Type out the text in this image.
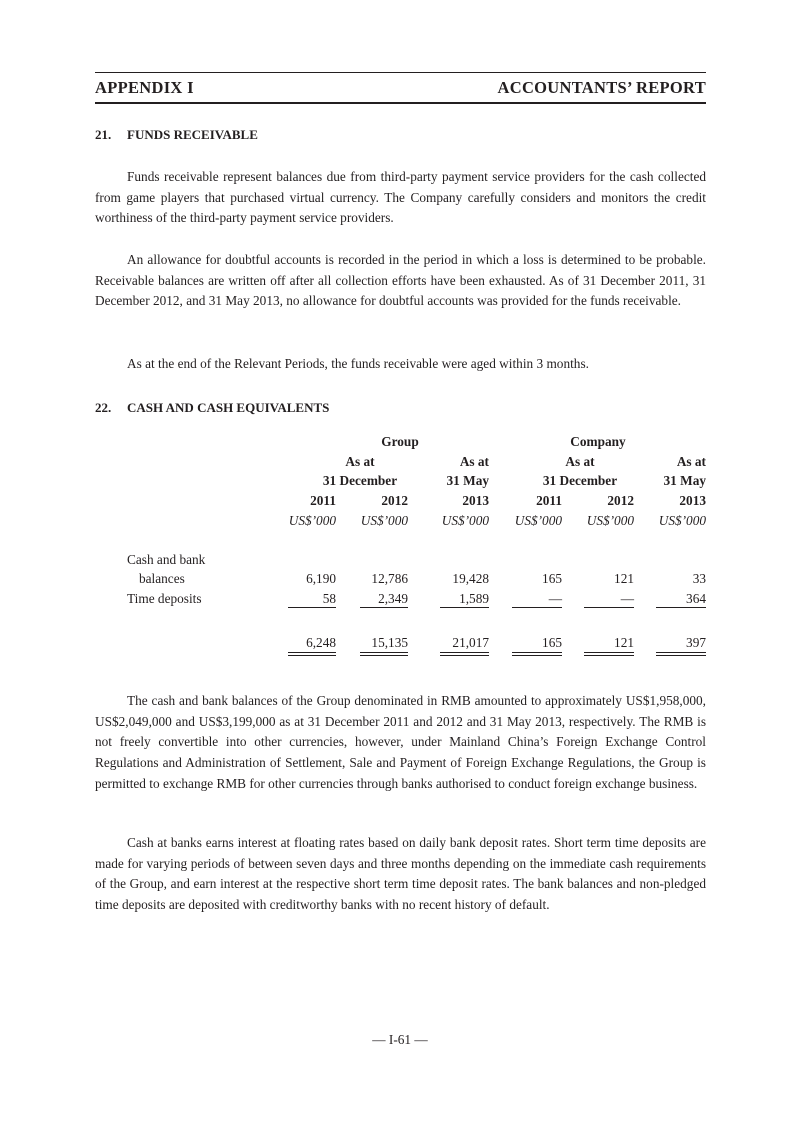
APPENDIX I	ACCOUNTANTS’ REPORT
21. FUNDS RECEIVABLE

Funds receivable represent balances due from third-party payment service providers for the cash collected from game players that purchased virtual currency. The Company carefully considers and monitors the credit worthiness of the third-party payment service providers.

An allowance for doubtful accounts is recorded in the period in which a loss is determined to be probable. Receivable balances are written off after all collection efforts have been exhausted. As of 31 December 2011, 31 December 2012, and 31 May 2013, no allowance for doubtful accounts was provided for the funds receivable.

As at the end of the Relevant Periods, the funds receivable were aged within 3 months.

22. CASH AND CASH EQUIVALENTS
Group	Company
As at	As at	As at	As at
31 December	31 May	31 December	31 May
2011	2012	2013	2011	2012	2013
US$’000	US$’000	US$’000	US$’000	US$’000	US$’000
Cash and bank
balances	6,190	12,786	19,428	165	121	33
Time deposits	58	2,349	1,589	—	—	364
6,248	15,135	21,017	165	121	397

The cash and bank balances of the Group denominated in RMB amounted to approximately US$1,958,000, US$2,049,000 and US$3,199,000 as at 31 December 2011 and 2012 and 31 May 2013, respectively. The RMB is not freely convertible into other currencies, however, under Mainland China’s Foreign Exchange Control Regulations and Administration of Settlement, Sale and Payment of Foreign Exchange Regulations, the Group is permitted to exchange RMB for other currencies through banks authorised to conduct foreign exchange business.

Cash at banks earns interest at floating rates based on daily bank deposit rates. Short term time deposits are made for varying periods of between seven days and three months depending on the immediate cash requirements of the Group, and earn interest at the respective short term time deposit rates. The bank balances and non-pledged time deposits are deposited with creditworthy banks with no recent history of default.

— I-61 —
